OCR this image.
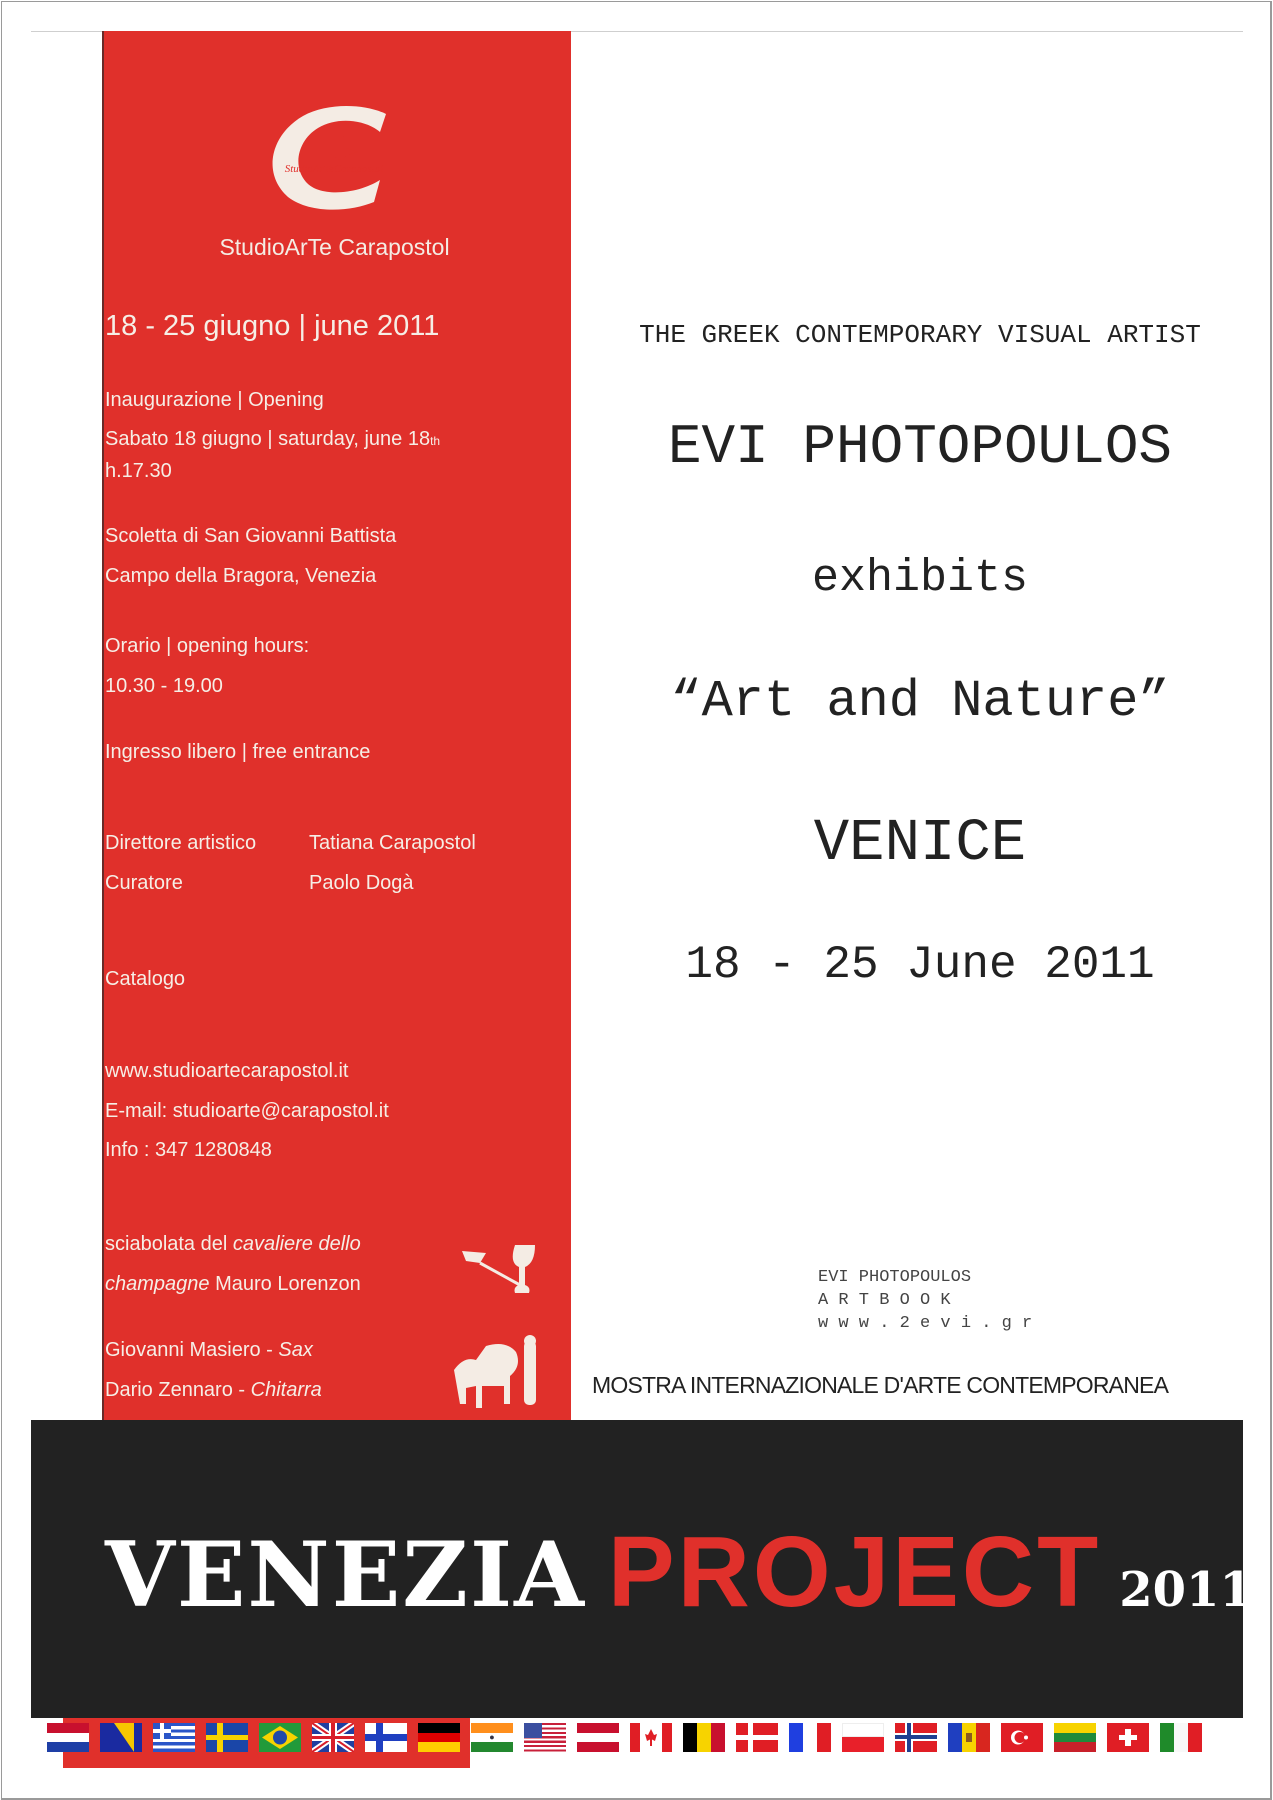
StudioArTeCarapostol
StudioArTe Carapostol
18 - 25 giugno | june 2011
Inaugurazione | Opening
Sabato 18 giugno | saturday, june 18th
h.17.30
Scoletta di San Giovanni Battista
Campo della Bragora, Venezia
Orario | opening hours:
10.30 - 19.00
Ingresso libero | free entrance
Direttore artistico	Tatiana Carapostol
Curatore	Paolo Dogà
Catalogo
www.studioartecarapostol.it
E-mail: studioarte@carapostol.it
Info : 347 1280848
sciabolata del cavaliere dello
champagne Mauro Lorenzon
Giovanni Masiero - Sax
Dario Zennaro - Chitarra
THE GREEK CONTEMPORARY VISUAL ARTIST
EVI PHOTOPOULOS
exhibits
“Art and Nature”
VENICE
18 - 25 June 2011
EVI PHOTOPOULOS
A R T B O O K
w w w . 2 e v i . g r
MOSTRA INTERNAZIONALE D'ARTE CONTEMPORANEA
VENEZIA PROJECT 2011
●
